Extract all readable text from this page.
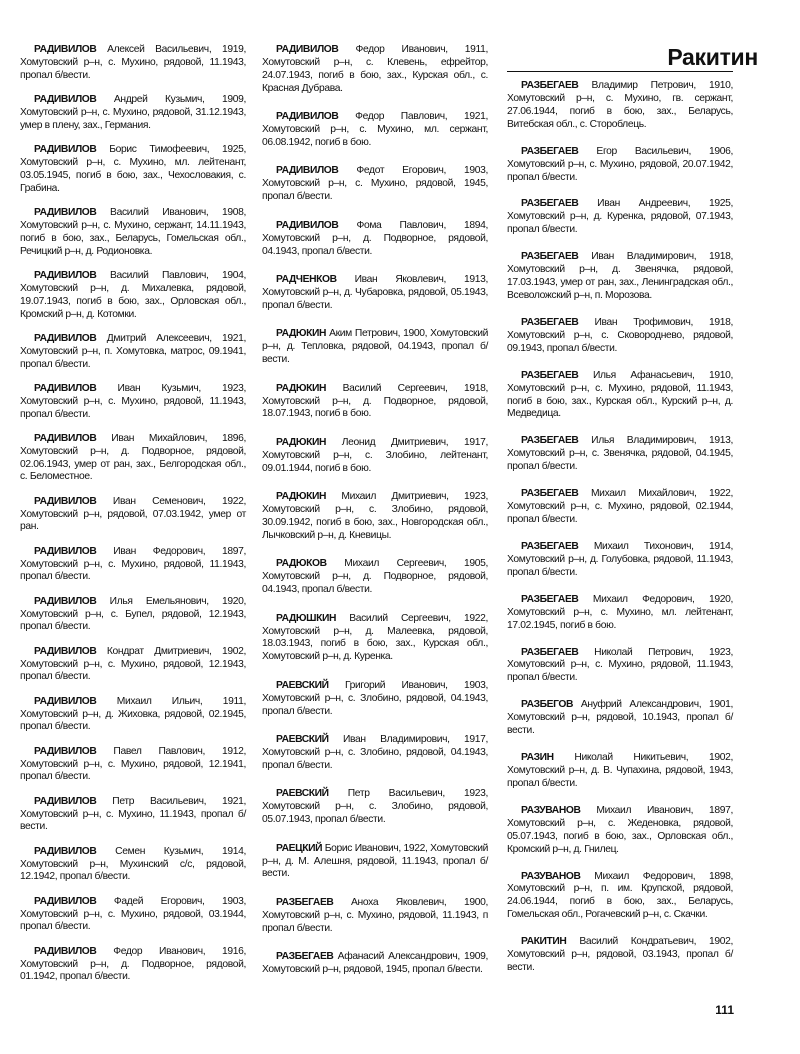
Ракитин

РАДИВИЛОВ Алексей Васильевич, 1919, Хомутовский р–н, с. Мухино, рядовой, 11.1943, пропал б/вести.

РАДИВИЛОВ Андрей Кузьмич, 1909, Хомутовский р–н, с. Мухино, рядовой, 31.12.1943, умер в плену, зах., Германия.

РАДИВИЛОВ Борис Тимофеевич, 1925, Хомутовский р–н, с. Мухино, мл. лейтенант, 03.05.1945, погиб в бою, зах., Чехословакия, с. Грабина.

РАДИВИЛОВ Василий Иванович, 1908, Хомутовский р–н, с. Мухино, сержант, 14.11.1943, погиб в бою, зах., Беларусь, Гомельская обл., Речицкий р–н, д. Родионовка.

РАДИВИЛОВ Василий Павлович, 1904, Хомутовский р–н, д. Михалевка, рядовой, 19.07.1943, погиб в бою, зах., Орловская обл., Кромский р–н, д. Котомки.

РАДИВИЛОВ Дмитрий Алексеевич, 1921, Хомутовский р–н, п. Хомутовка, матрос, 09.1941, пропал б/вести.

РАДИВИЛОВ Иван Кузьмич, 1923, Хомутовский р–н, с. Мухино, рядовой, 11.1943, пропал б/вести.

РАДИВИЛОВ Иван Михайлович, 1896, Хомутовский р–н, д. Подворное, рядовой, 02.06.1943, умер от ран, зах., Белгородская обл., с. Беломестное.

РАДИВИЛОВ Иван Семенович, 1922, Хомутовский р–н, рядовой, 07.03.1942, умер от ран.

РАДИВИЛОВ Иван Федорович, 1897, Хомутовский р–н, с. Мухино, рядовой, 11.1943, пропал б/вести.

РАДИВИЛОВ Илья Емельянович, 1920, Хомутовский р–н, с. Бупел, рядовой, 12.1943, пропал б/вести.

РАДИВИЛОВ Кондрат Дмитриевич, 1902, Хомутовский р–н, с. Мухино, рядовой, 12.1943, пропал б/вести.

РАДИВИЛОВ Михаил Ильич, 1911, Хомутовский р–н, д. Жиховка, рядовой, 02.1945, пропал б/вести.

РАДИВИЛОВ Павел Павлович, 1912, Хомутовский р–н, с. Мухино, рядовой, 12.1941, пропал б/вести.

РАДИВИЛОВ Петр Васильевич, 1921, Хомутовский р–н, с. Мухино, 11.1943, пропал б/вести.

РАДИВИЛОВ Семен Кузьмич, 1914, Хомутовский р–н, Мухинский с/с, рядовой, 12.1942, пропал б/вести.

РАДИВИЛОВ Фадей Егорович, 1903, Хомутовский р–н, с. Мухино, рядовой, 03.1944, пропал б/вести.

РАДИВИЛОВ Федор Иванович, 1916, Хомутовский р–н, д. Подворное, рядовой, 01.1942, пропал б/вести.

РАДИВИЛОВ Федор Иванович, 1911, Хомутовский р–н, с. Клевень, ефрейтор, 24.07.1943, погиб в бою, зах., Курская обл., с. Красная Дубрава.

РАДИВИЛОВ Федор Павлович, 1921, Хомутовский р–н, с. Мухино, мл. сержант, 06.08.1942, погиб в бою.

РАДИВИЛОВ Федот Егорович, 1903, Хомутовский р–н, с. Мухино, рядовой, 1945, пропал б/вести.

РАДИВИЛОВ Фома Павлович, 1894, Хомутовский р–н, д. Подворное, рядовой, 04.1943, пропал б/вести.

РАДЧЕНКОВ Иван Яковлевич, 1913, Хомутовский р–н, д. Чубаровка, рядовой, 05.1943, пропал б/вести.

РАДЮКИН Аким Петрович, 1900, Хомутовский р–н, д. Тепловка, рядовой, 04.1943, пропал б/вести.

РАДЮКИН Василий Сергеевич, 1918, Хомутовский р–н, д. Подворное, рядовой, 18.07.1943, погиб в бою.

РАДЮКИН Леонид Дмитриевич, 1917, Хомутовский р–н, с. Злобино, лейтенант, 09.01.1944, погиб в бою.

РАДЮКИН Михаил Дмитриевич, 1923, Хомутовский р–н, с. Злобино, рядовой, 30.09.1942, погиб в бою, зах., Новгородская обл., Лычковский р–н, д. Кневицы.

РАДЮКОВ Михаил Сергеевич, 1905, Хомутовский р–н, д. Подворное, рядовой, 04.1943, пропал б/вести.

РАДЮШКИН Василий Сергеевич, 1922, Хомутовский р–н, д. Малеевка, рядовой, 18.03.1943, погиб в бою, зах., Курская обл., Хомутовский р–н, д. Куренка.

РАЕВСКИЙ Григорий Иванович, 1903, Хомутовский р–н, с. Злобино, рядовой, 04.1943, пропал б/вести.

РАЕВСКИЙ Иван Владимирович, 1917, Хомутовский р–н, с. Злобино, рядовой, 04.1943, пропал б/вести.

РАЕВСКИЙ Петр Васильевич, 1923, Хомутовский р–н, с. Злобино, рядовой, 05.07.1943, пропал б/вести.

РАЕЦКИЙ Борис Иванович, 1922, Хомутовский р–н, д. М. Алешня, рядовой, 11.1943, пропал б/вести.

РАЗБЕГАЕВ Аноха Яковлевич, 1900, Хомутовский р–н, с. Мухино, рядовой, 11.1943, п пропал б/вести.

РАЗБЕГАЕВ Афанасий Александрович, 1909, Хомутовский р–н, рядовой, 1945, пропал б/вести.

РАЗБЕГАЕВ Владимир Петрович, 1910, Хомутовский р–н, с. Мухино, гв. сержант, 27.06.1944, погиб в бою, зах., Беларусь, Витебская обл., с. Стороблець.

РАЗБЕГАЕВ Егор Васильевич, 1906, Хомутовский р–н, с. Мухино, рядовой, 20.07.1942, пропал б/вести.

РАЗБЕГАЕВ Иван Андреевич, 1925, Хомутовский р–н, д. Куренка, рядовой, 07.1943, пропал б/вести.

РАЗБЕГАЕВ Иван Владимирович, 1918, Хомутовский р–н, д. Звенячка, рядовой, 17.03.1943, умер от ран, зах., Ленинградская обл., Всеволожский р–н, п. Морозова.

РАЗБЕГАЕВ Иван Трофимович, 1918, Хомутовский р–н, с. Сковороднево, рядовой, 09.1943, пропал б/вести.

РАЗБЕГАЕВ Илья Афанасьевич, 1910, Хомутовский р–н, с. Мухино, рядовой, 11.1943, погиб в бою, зах., Курская обл., Курский р–н, д. Медведица.

РАЗБЕГАЕВ Илья Владимирович, 1913, Хомутовский р–н, с. Звенячка, рядовой, 04.1945, пропал б/вести.

РАЗБЕГАЕВ Михаил Михайлович, 1922, Хомутовский р–н, с. Мухино, рядовой, 02.1944, пропал б/вести.

РАЗБЕГАЕВ Михаил Тихонович, 1914, Хомутовский р–н, д. Голубовка, рядовой, 11.1943, пропал б/вести.

РАЗБЕГАЕВ Михаил Федорович, 1920, Хомутовский р–н, с. Мухино, мл. лейтенант, 17.02.1945, погиб в бою.

РАЗБЕГАЕВ Николай Петрович, 1923, Хомутовский р–н, с. Мухино, рядовой, 11.1943, пропал б/вести.

РАЗБЕГОВ Ануфрий Александрович, 1901, Хомутовский р–н, рядовой, 10.1943, пропал б/вести.

РАЗИН Николай Никитьевич, 1902, Хомутовский р–н, д. В. Чупахина, рядовой, 1943, пропал б/вести.

РАЗУВАНОВ Михаил Иванович, 1897, Хомутовский р–н, с. Жеденовка, рядовой, 05.07.1943, погиб в бою, зах., Орловская обл., Кромский р–н, д. Гнилец.

РАЗУВАНОВ Михаил Федорович, 1898, Хомутовский р–н, п. им. Крупской, рядовой, 24.06.1944, погиб в бою, зах., Беларусь, Гомельская обл., Рогачевский р–н, с. Скачки.

РАКИТИН Василий Кондратьевич, 1902, Хомутовский р–н, рядовой, 03.1943, пропал б/вести.

111
